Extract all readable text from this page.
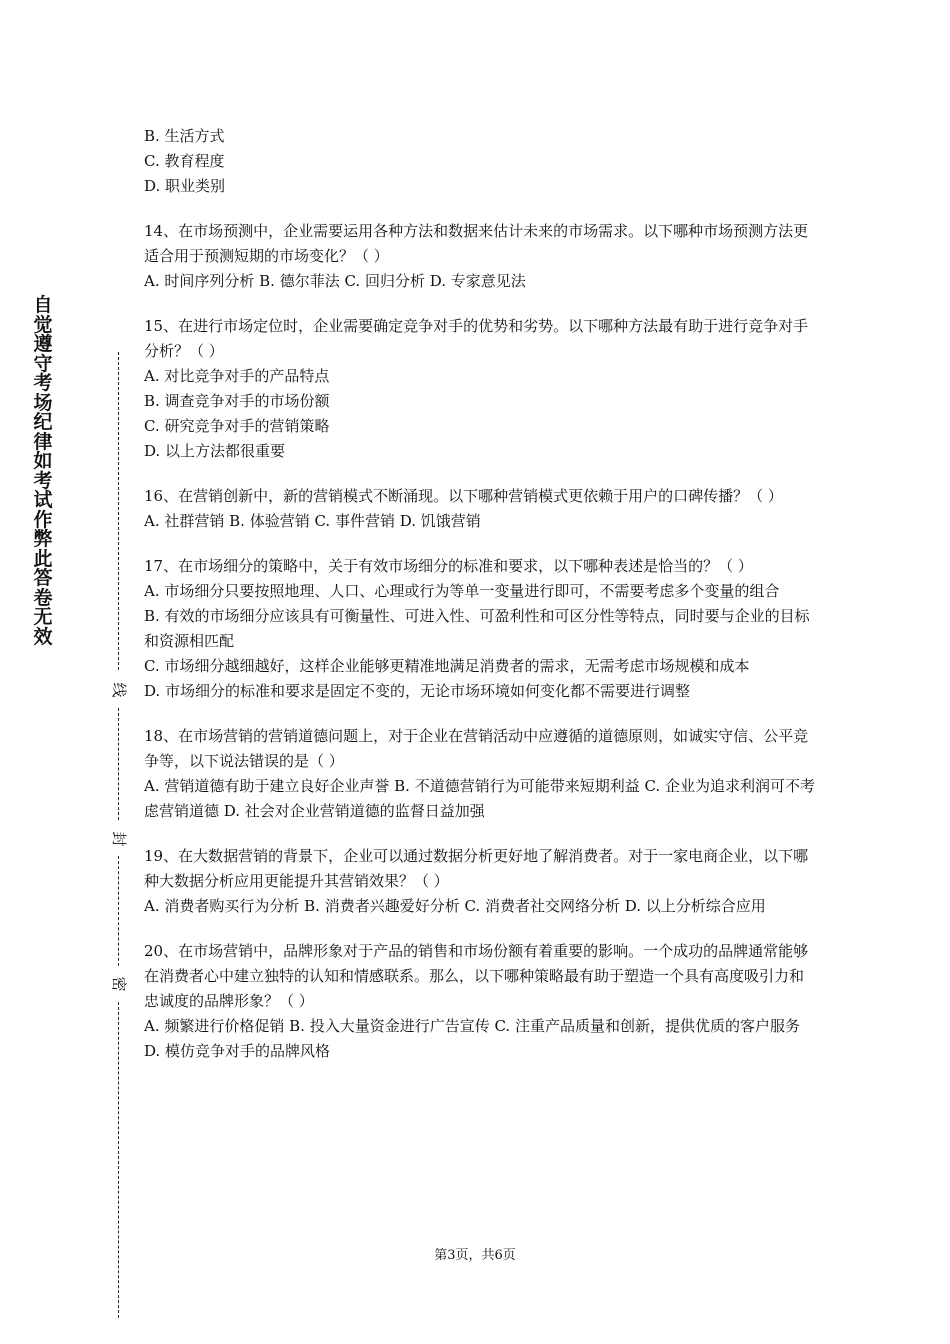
自觉遵守考场纪律如考试作弊此答卷无效
线
封
密

B. 生活方式

C. 教育程度

D. 职业类别

14、在市场预测中，企业需要运用各种方法和数据来估计未来的市场需求。以下哪种市场预测方法更适合用于预测短期的市场变化？（ ）

A. 时间序列分析 B. 德尔菲法 C. 回归分析 D. 专家意见法

15、在进行市场定位时，企业需要确定竞争对手的优势和劣势。以下哪种方法最有助于进行竞争对手分析？（ ）

A. 对比竞争对手的产品特点

B. 调查竞争对手的市场份额

C. 研究竞争对手的营销策略

D. 以上方法都很重要

16、在营销创新中，新的营销模式不断涌现。以下哪种营销模式更依赖于用户的口碑传播？（ ）

A. 社群营销 B. 体验营销 C. 事件营销 D. 饥饿营销

17、在市场细分的策略中，关于有效市场细分的标准和要求，以下哪种表述是恰当的？（ ）

A. 市场细分只要按照地理、人口、心理或行为等单一变量进行即可，不需要考虑多个变量的组合

B. 有效的市场细分应该具有可衡量性、可进入性、可盈利性和可区分性等特点，同时要与企业的目标和资源相匹配

C. 市场细分越细越好，这样企业能够更精准地满足消费者的需求，无需考虑市场规模和成本

D. 市场细分的标准和要求是固定不变的，无论市场环境如何变化都不需要进行调整

18、在市场营销的营销道德问题上，对于企业在营销活动中应遵循的道德原则，如诚实守信、公平竞争等，以下说法错误的是（ ）

A. 营销道德有助于建立良好企业声誉 B. 不道德营销行为可能带来短期利益 C. 企业为追求利润可不考虑营销道德 D. 社会对企业营销道德的监督日益加强

19、在大数据营销的背景下，企业可以通过数据分析更好地了解消费者。对于一家电商企业，以下哪种大数据分析应用更能提升其营销效果？（ ）

A. 消费者购买行为分析 B. 消费者兴趣爱好分析 C. 消费者社交网络分析 D. 以上分析综合应用

20、在市场营销中，品牌形象对于产品的销售和市场份额有着重要的影响。一个成功的品牌通常能够在消费者心中建立独特的认知和情感联系。那么，以下哪种策略最有助于塑造一个具有高度吸引力和忠诚度的品牌形象？（ ）

A. 频繁进行价格促销 B. 投入大量资金进行广告宣传 C. 注重产品质量和创新，提供优质的客户服务 D. 模仿竞争对手的品牌风格

第3页，共6页
